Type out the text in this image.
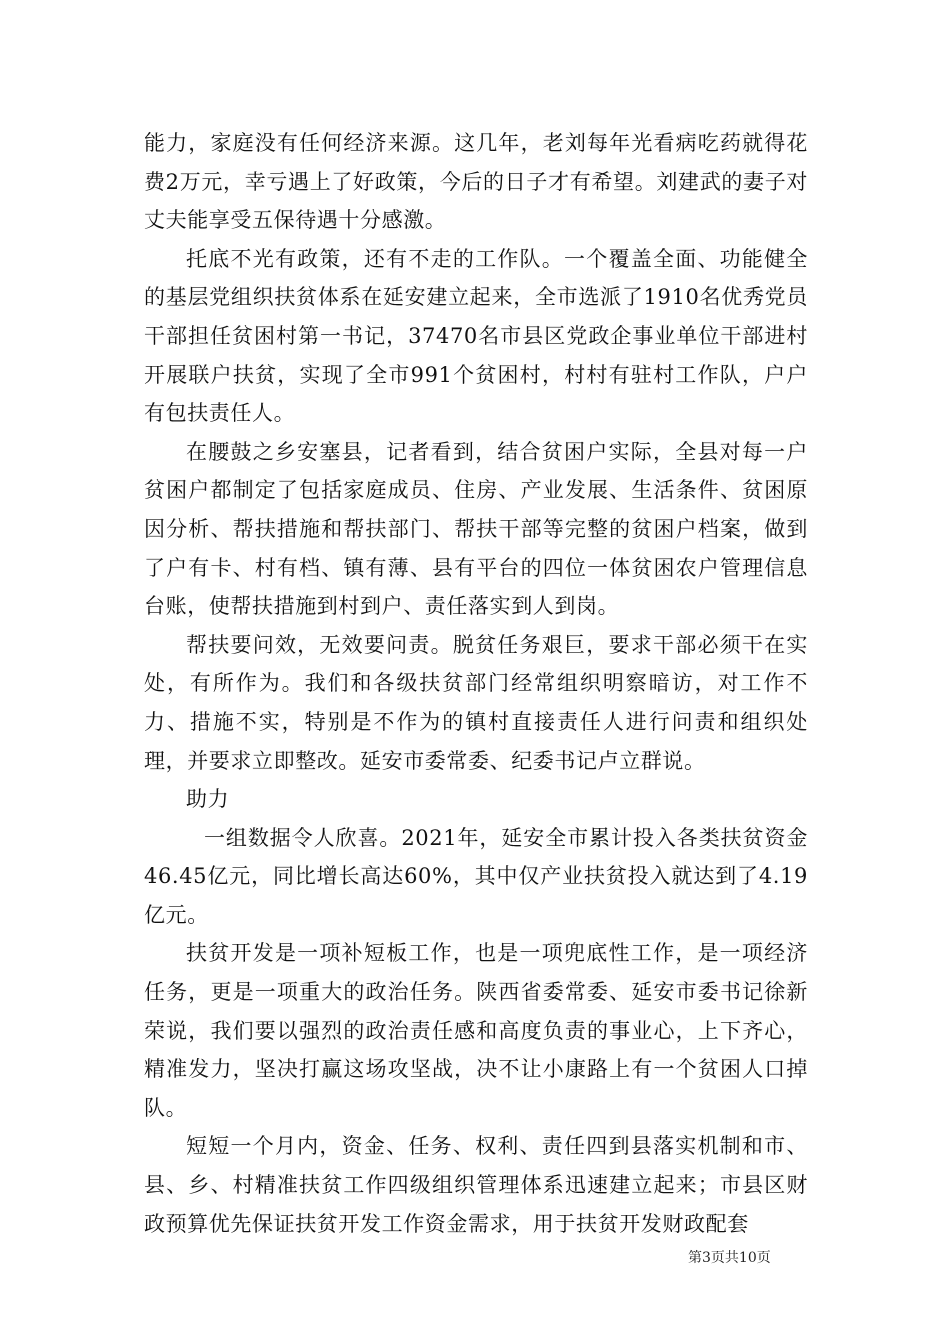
能力，家庭没有任何经济来源。这几年，老刘每年光看病吃药就得花费2万元，幸亏遇上了好政策，今后的日子才有希望。刘建武的妻子对丈夫能享受五保待遇十分感激。

托底不光有政策，还有不走的工作队。一个覆盖全面、功能健全的基层党组织扶贫体系在延安建立起来，全市选派了1910名优秀党员干部担任贫困村第一书记，37470名市县区党政企事业单位干部进村开展联户扶贫，实现了全市991个贫困村，村村有驻村工作队，户户有包扶责任人。

在腰鼓之乡安塞县，记者看到，结合贫困户实际，全县对每一户贫困户都制定了包括家庭成员、住房、产业发展、生活条件、贫困原因分析、帮扶措施和帮扶部门、帮扶干部等完整的贫困户档案，做到了户有卡、村有档、镇有薄、县有平台的四位一体贫困农户管理信息台账，使帮扶措施到村到户、责任落实到人到岗。

帮扶要问效，无效要问责。脱贫任务艰巨，要求干部必须干在实处，有所作为。我们和各级扶贫部门经常组织明察暗访，对工作不力、措施不实，特别是不作为的镇村直接责任人进行问责和组织处理，并要求立即整改。延安市委常委、纪委书记卢立群说。

助力

一组数据令人欣喜。2021年，延安全市累计投入各类扶贫资金46.45亿元，同比增长高达60%，其中仅产业扶贫投入就达到了4.19亿元。

扶贫开发是一项补短板工作，也是一项兜底性工作，是一项经济任务，更是一项重大的政治任务。陕西省委常委、延安市委书记徐新荣说，我们要以强烈的政治责任感和高度负责的事业心，上下齐心，精准发力，坚决打赢这场攻坚战，决不让小康路上有一个贫困人口掉队。

短短一个月内，资金、任务、权利、责任四到县落实机制和市、县、乡、村精准扶贫工作四级组织管理体系迅速建立起来；市县区财政预算优先保证扶贫开发工作资金需求，用于扶贫开发财政配套

第3页共10页
